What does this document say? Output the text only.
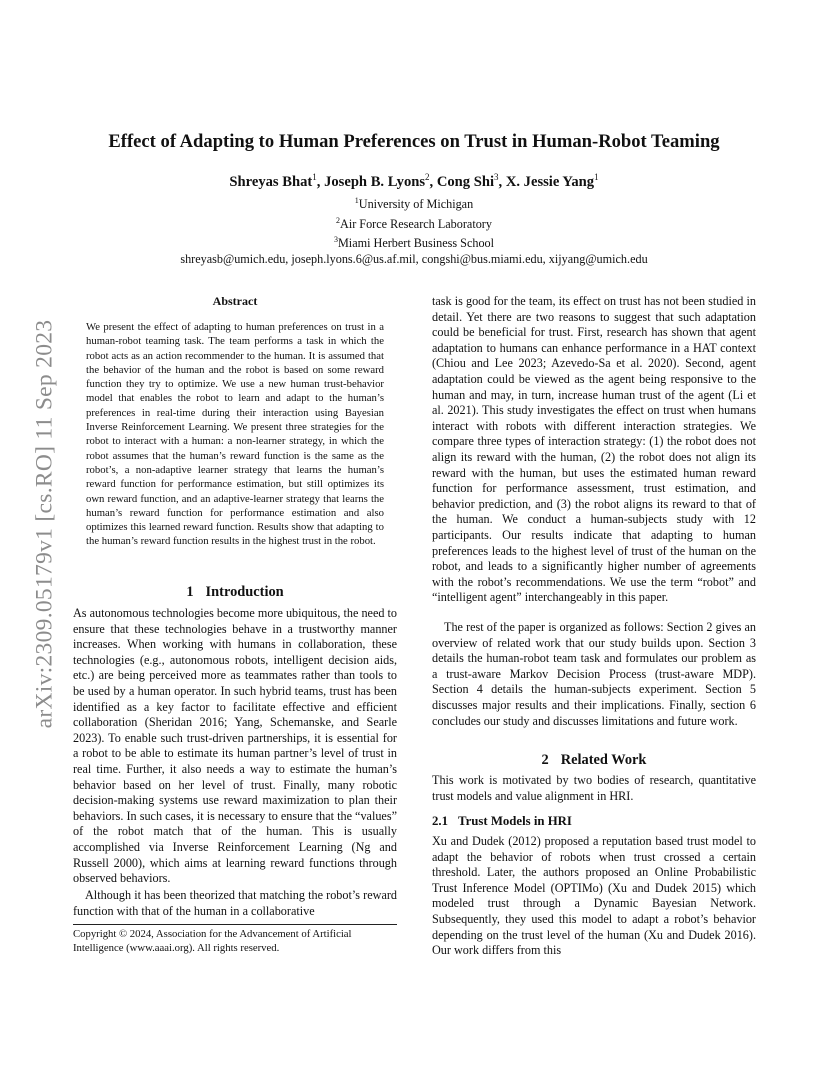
arXiv:2309.05179v1 [cs.RO] 11 Sep 2023
Effect of Adapting to Human Preferences on Trust in Human-Robot Teaming
Shreyas Bhat$^1$, Joseph B. Lyons$^2$, Cong Shi$^3$, X. Jessie Yang$^1$
$^1$University of Michigan
$^2$Air Force Research Laboratory
$^3$Miami Herbert Business School
shreyasb@umich.edu, joseph.lyons.6@us.af.mil, congshi@bus.miami.edu, xijyang@umich.edu
Abstract
We present the effect of adapting to human preferences on trust in a human-robot teaming task. The team performs a task in which the robot acts as an action recommender to the human. It is assumed that the behavior of the human and the robot is based on some reward function they try to optimize. We use a new human trust-behavior model that enables the robot to learn and adapt to the human’s preferences in real-time during their interaction using Bayesian Inverse Reinforcement Learning. We present three strategies for the robot to interact with a human: a non-learner strategy, in which the robot assumes that the human’s reward function is the same as the robot’s, a non-adaptive learner strategy that learns the human’s reward function for performance estimation, but still optimizes its own reward function, and an adaptive-learner strategy that learns the human’s reward function for performance estimation and also optimizes this learned reward function. Results show that adapting to the human’s reward function results in the highest trust in the robot.
1 Introduction

As autonomous technologies become more ubiquitous, the need to ensure that these technologies behave in a trustworthy manner increases. When working with humans in collaboration, these technologies (e.g., autonomous robots, intelligent decision aids, etc.) are being perceived more as teammates rather than tools to be used by a human operator. In such hybrid teams, trust has been identified as a key factor to facilitate effective and efficient collaboration (Sheridan 2016; Yang, Schemanske, and Searle 2023). To enable such trust-driven partnerships, it is essential for a robot to be able to estimate its human partner’s level of trust in real time. Further, it also needs a way to estimate the human’s behavior based on her level of trust. Finally, many robotic decision-making systems use reward maximization to plan their behaviors. In such cases, it is necessary to ensure that the “values” of the robot match that of the human. This is usually accomplished via Inverse Reinforcement Learning (Ng and Russell 2000), which aims at learning reward functions through observed behaviors.

Although it has been theorized that matching the robot’s reward function with that of the human in a collaborative

Copyright © 2024, Association for the Advancement of Artificial Intelligence (www.aaai.org). All rights reserved.

task is good for the team, its effect on trust has not been studied in detail. Yet there are two reasons to suggest that such adaptation could be beneficial for trust. First, research has shown that agent adaptation to humans can enhance performance in a HAT context (Chiou and Lee 2023; Azevedo-Sa et al. 2020). Second, agent adaptation could be viewed as the agent being responsive to the human and may, in turn, increase human trust of the agent (Li et al. 2021). This study investigates the effect on trust when humans interact with robots with different interaction strategies. We compare three types of interaction strategy: (1) the robot does not align its reward with the human, (2) the robot does not align its reward with the human, but uses the estimated human reward function for performance assessment, trust estimation, and behavior prediction, and (3) the robot aligns its reward to that of the human. We conduct a human-subjects study with 12 participants. Our results indicate that adapting to human preferences leads to the highest level of trust of the human on the robot, and leads to a significantly higher number of agreements with the robot’s recommendations. We use the term “robot” and “intelligent agent” interchangeably in this paper.

The rest of the paper is organized as follows: Section 2 gives an overview of related work that our study builds upon. Section 3 details the human-robot team task and formulates our problem as a trust-aware Markov Decision Process (trust-aware MDP). Section 4 details the human-subjects experiment. Section 5 discusses major results and their implications. Finally, section 6 concludes our study and discusses limitations and future work.

2 Related Work

This work is motivated by two bodies of research, quantitative trust models and value alignment in HRI.

2.1 Trust Models in HRI

Xu and Dudek (2012) proposed a reputation based trust model to adapt the behavior of robots when trust crossed a certain threshold. Later, the authors proposed an Online Probabilistic Trust Inference Model (OPTIMo) (Xu and Dudek 2015) which modeled trust through a Dynamic Bayesian Network. Subsequently, they used this model to adapt a robot’s behavior depending on the trust level of the human (Xu and Dudek 2016). Our work differs from this
